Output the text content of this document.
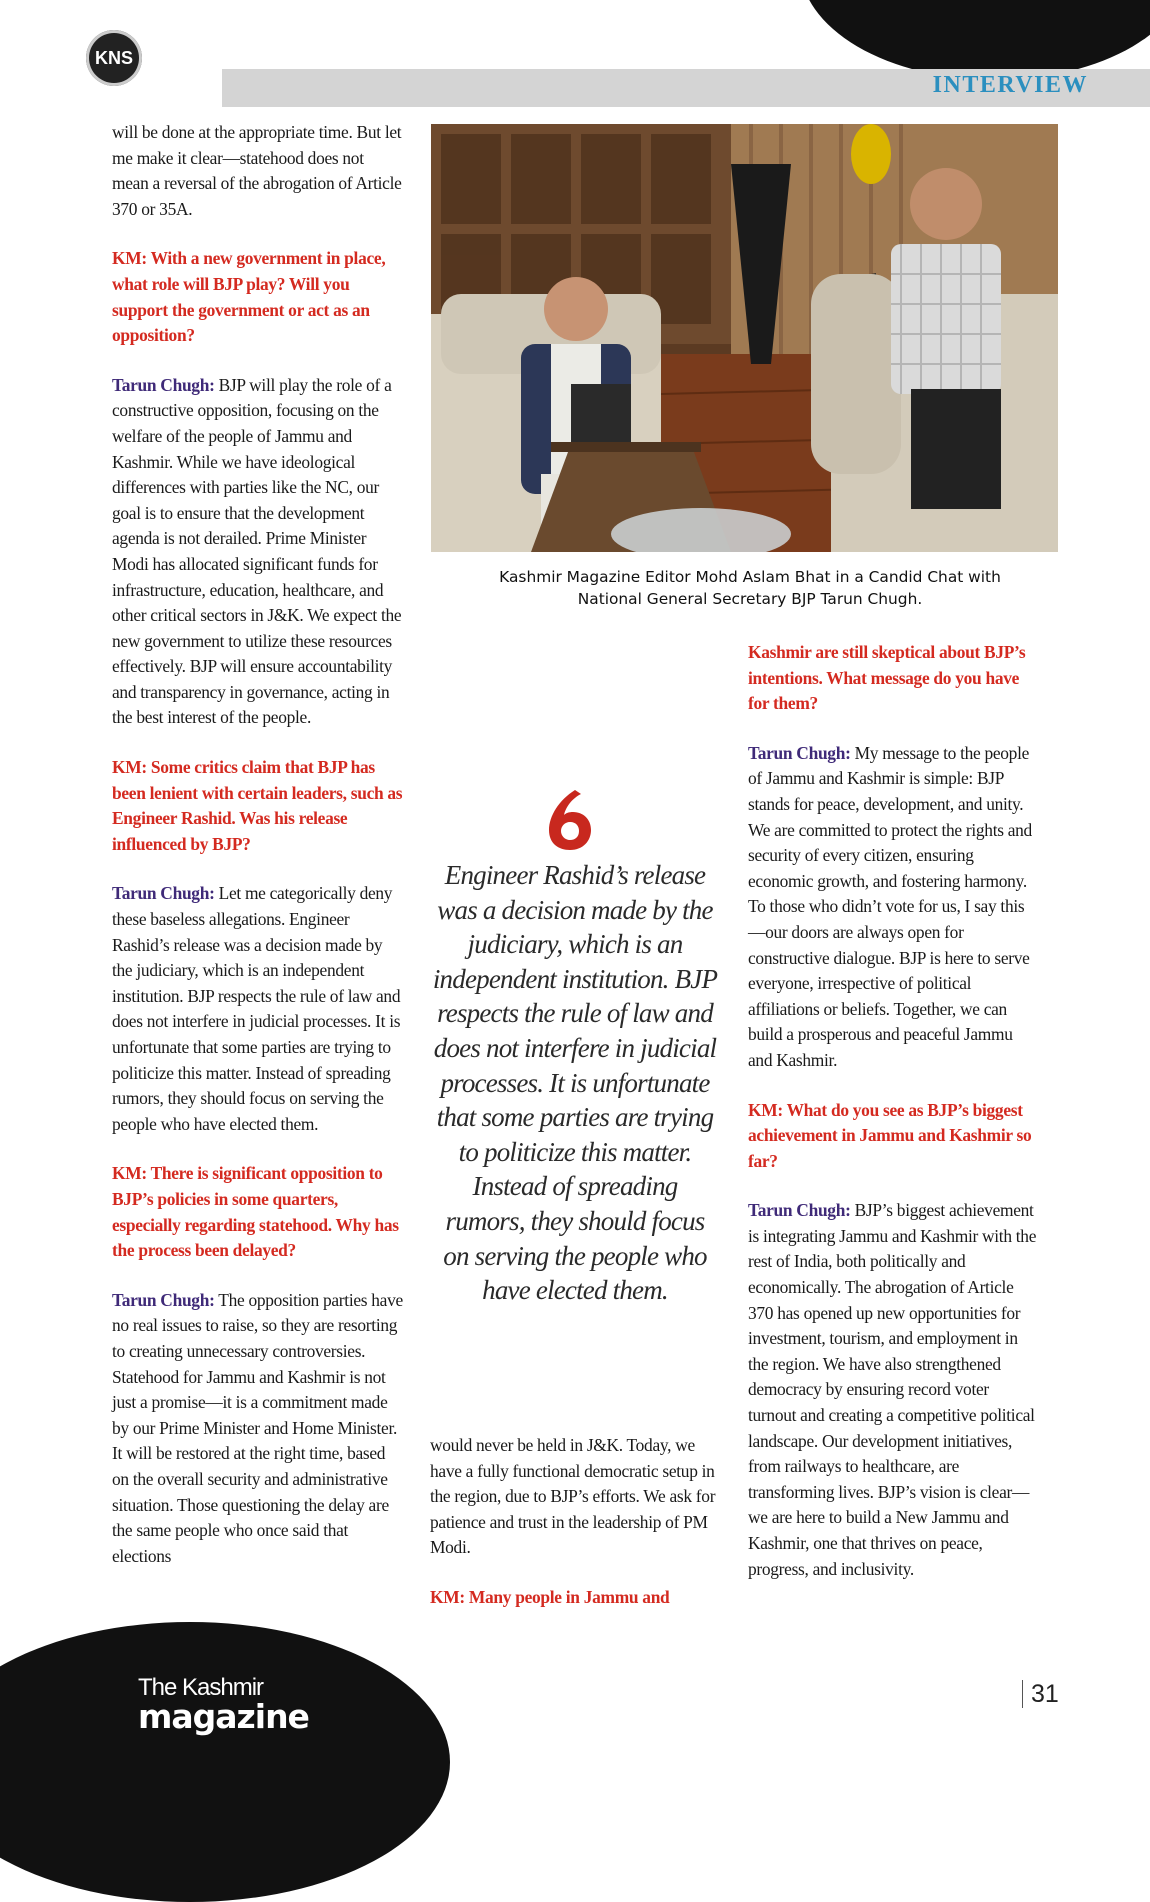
KNS
INTERVIEW

will be done at the appropriate time. But let me make it clear—statehood does not mean a reversal of the abrogation of Article 370 or 35A.

KM: With a new government in place, what role will BJP play? Will you support the government or act as an opposition?

Tarun Chugh: BJP will play the role of a constructive opposition, focusing on the welfare of the people of Jammu and Kashmir. While we have ideological differences with parties like the NC, our goal is to ensure that the development agenda is not derailed. Prime Minister Modi has allocated significant funds for infrastructure, education, healthcare, and other critical sectors in J&K. We expect the new government to utilize these resources effectively. BJP will ensure accountability and transparency in governance, acting in the best interest of the people.

KM: Some critics claim that BJP has been lenient with certain leaders, such as Engineer Rashid. Was his release influenced by BJP?

Tarun Chugh: Let me categorically deny these baseless allegations. Engineer Rashid’s release was a decision made by the judiciary, which is an independent institution. BJP respects the rule of law and does not interfere in judicial processes. It is unfortunate that some parties are trying to politicize this matter. Instead of spreading rumors, they should focus on serving the people who have elected them.

KM: There is significant opposition to BJP’s policies in some quarters, especially regarding statehood. Why has the process been delayed?

Tarun Chugh: The opposition parties have no real issues to raise, so they are resorting to creating unnecessary controversies. Statehood for Jammu and Kashmir is not just a promise—it is a commitment made by our Prime Minister and Home Minister. It will be restored at the right time, based on the overall security and administrative situation. Those questioning the delay are the same people who once said that elections

Kashmir Magazine Editor Mohd Aslam Bhat in a Candid Chat with National General Secretary BJP Tarun Chugh.
Engineer Rashid’s release was a decision made by the judiciary, which is an independent institution. BJP respects the rule of law and does not interfere in judicial processes. It is unfortunate that some parties are trying to politicize this matter. Instead of spreading rumors, they should focus on serving the people who have elected them.

would never be held in J&K. Today, we have a fully functional democratic setup in the region, due to BJP’s efforts. We ask for patience and trust in the leadership of PM Modi.

KM: Many people in Jammu and

Kashmir are still skeptical about BJP’s intentions. What message do you have for them?

Tarun Chugh: My message to the people of Jammu and Kashmir is simple: BJP stands for peace, development, and unity. We are committed to protect the rights and security of every citizen, ensuring economic growth, and fostering harmony. To those who didn’t vote for us, I say this—our doors are always open for constructive dialogue. BJP is here to serve everyone, irrespective of political affiliations or beliefs. Together, we can build a prosperous and peaceful Jammu and Kashmir.

KM: What do you see as BJP’s biggest achievement in Jammu and Kashmir so far?

Tarun Chugh: BJP’s biggest achievement is integrating Jammu and Kashmir with the rest of India, both politically and economically. The abrogation of Article 370 has opened up new opportunities for investment, tourism, and employment in the region. We have also strengthened democracy by ensuring record voter turnout and creating a competitive political landscape. Our development initiatives, from railways to healthcare, are transforming lives. BJP’s vision is clear—we are here to build a New Jammu and Kashmir, one that thrives on peace, progress, and inclusivity.

The Kashmir
magazine
31
